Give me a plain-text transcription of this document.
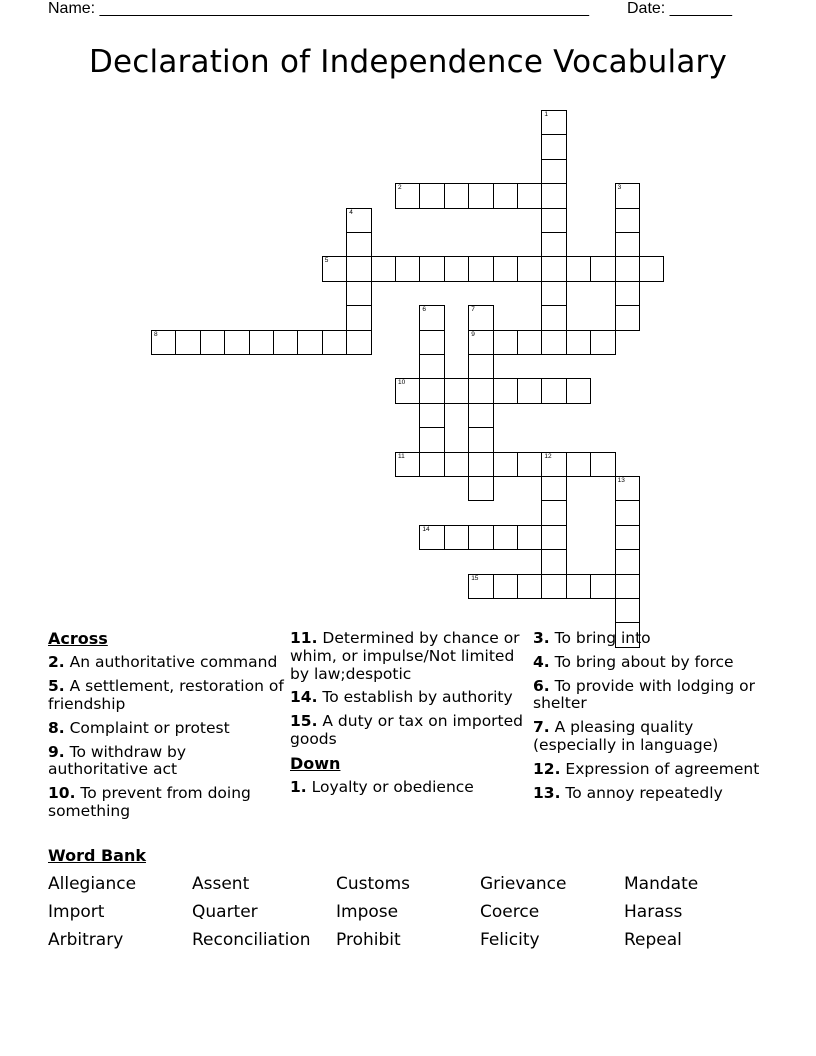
Name: _______________________________________________________ Date: _______
Declaration of Independence Vocabulary
1
2	3
4
5
6	7
9
8
10
11	12
13
14
15
Across
2. An authoritative command
5. A settlement, restoration of friendship
8. Complaint or protest
9. To withdraw by authoritative act
10. To prevent from doing something
11. Determined by chance or whim, or impulse/Not limited by law;despotic
14. To establish by authority
15. A duty or tax on imported goods
Down
1. Loyalty or obedience
3. To bring into
4. To bring about by force
6. To provide with lodging or shelter
7. A pleasing quality (especially in language)
12. Expression of agreement
13. To annoy repeatedly
Word Bank
Allegiance	Assent	Customs	Grievance	Mandate
Import	Quarter	Impose	Coerce	Harass
Arbitrary	Reconciliation Prohibit	Felicity	Repeal
